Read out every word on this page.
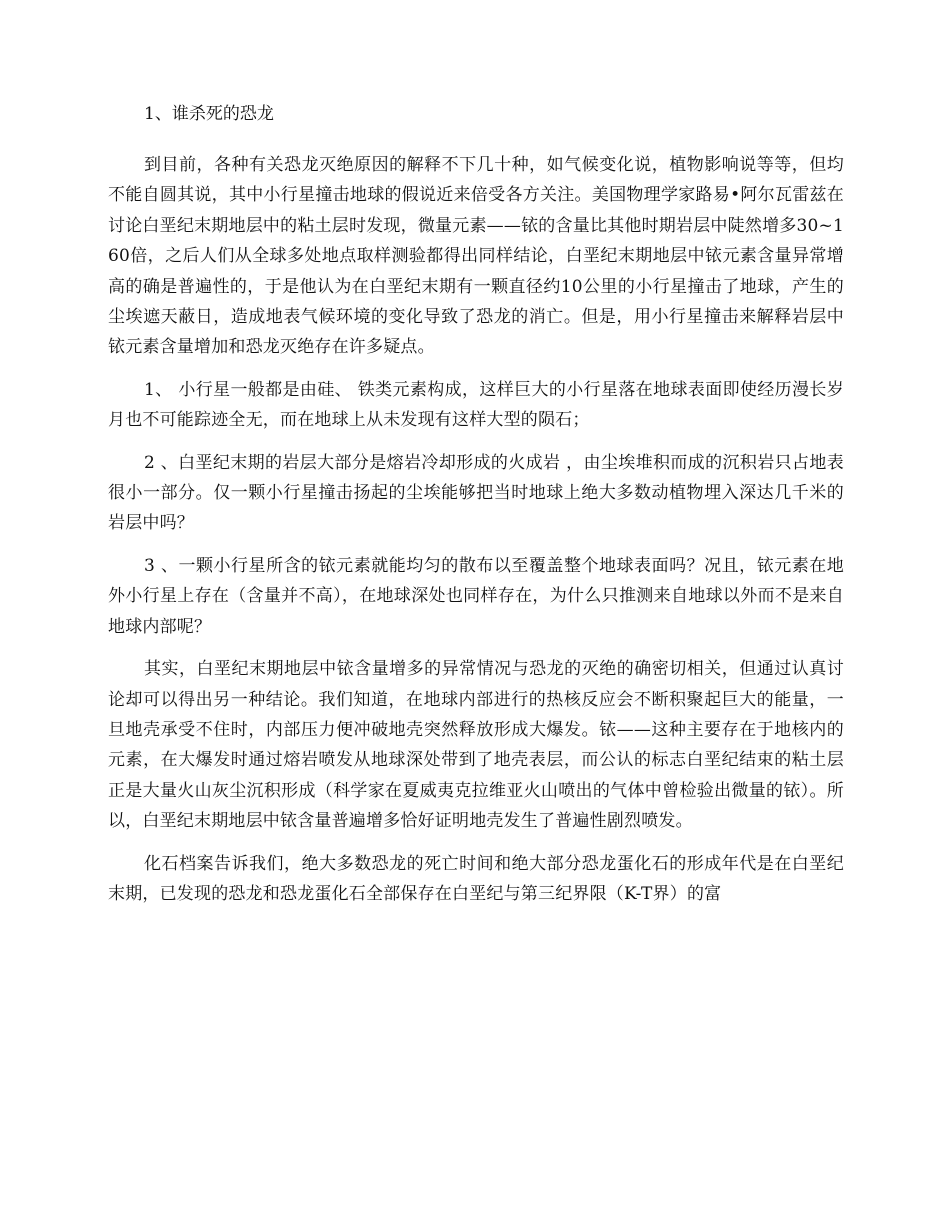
1、谁杀死的恐龙

到目前，各种有关恐龙灭绝原因的解释不下几十种，如气候变化说，植物影响说等等，但均不能自圆其说，其中小行星撞击地球的假说近来倍受各方关注。美国物理学家路易•阿尔瓦雷兹在讨论白垩纪末期地层中的粘土层时发现，微量元素——铱的含量比其他时期岩层中陡然增多30~160倍，之后人们从全球多处地点取样测验都得出同样结论，白垩纪末期地层中铱元素含量异常增高的确是普遍性的，于是他认为在白垩纪末期有一颗直径约10公里的小行星撞击了地球，产生的尘埃遮天蔽日，造成地表气候环境的变化导致了恐龙的消亡。但是，用小行星撞击来解释岩层中铱元素含量增加和恐龙灭绝存在许多疑点。

1、 小行星一般都是由硅、 铁类元素构成，这样巨大的小行星落在地球表面即使经历漫长岁月也不可能踪迹全无，而在地球上从未发现有这样大型的陨石；

2 、白垩纪末期的岩层大部分是熔岩冷却形成的火成岩 ，由尘埃堆积而成的沉积岩只占地表很小一部分。仅一颗小行星撞击扬起的尘埃能够把当时地球上绝大多数动植物埋入深达几千米的岩层中吗？

3 、一颗小行星所含的铱元素就能均匀的散布以至覆盖整个地球表面吗？况且，铱元素在地外小行星上存在（含量并不高），在地球深处也同样存在，为什么只推测来自地球以外而不是来自地球内部呢？

其实，白垩纪末期地层中铱含量增多的异常情况与恐龙的灭绝的确密切相关，但通过认真讨论却可以得出另一种结论。我们知道，在地球内部进行的热核反应会不断积聚起巨大的能量，一旦地壳承受不住时，内部压力便冲破地壳突然释放形成大爆发。铱——这种主要存在于地核内的元素，在大爆发时通过熔岩喷发从地球深处带到了地壳表层，而公认的标志白垩纪结束的粘土层正是大量火山灰尘沉积形成（科学家在夏威夷克拉维亚火山喷出的气体中曾检验出微量的铱）。所以，白垩纪末期地层中铱含量普遍增多恰好证明地壳发生了普遍性剧烈喷发。

化石档案告诉我们，绝大多数恐龙的死亡时间和绝大部分恐龙蛋化石的形成年代是在白垩纪末期，已发现的恐龙和恐龙蛋化石全部保存在白垩纪与第三纪界限（K-T界）的富
